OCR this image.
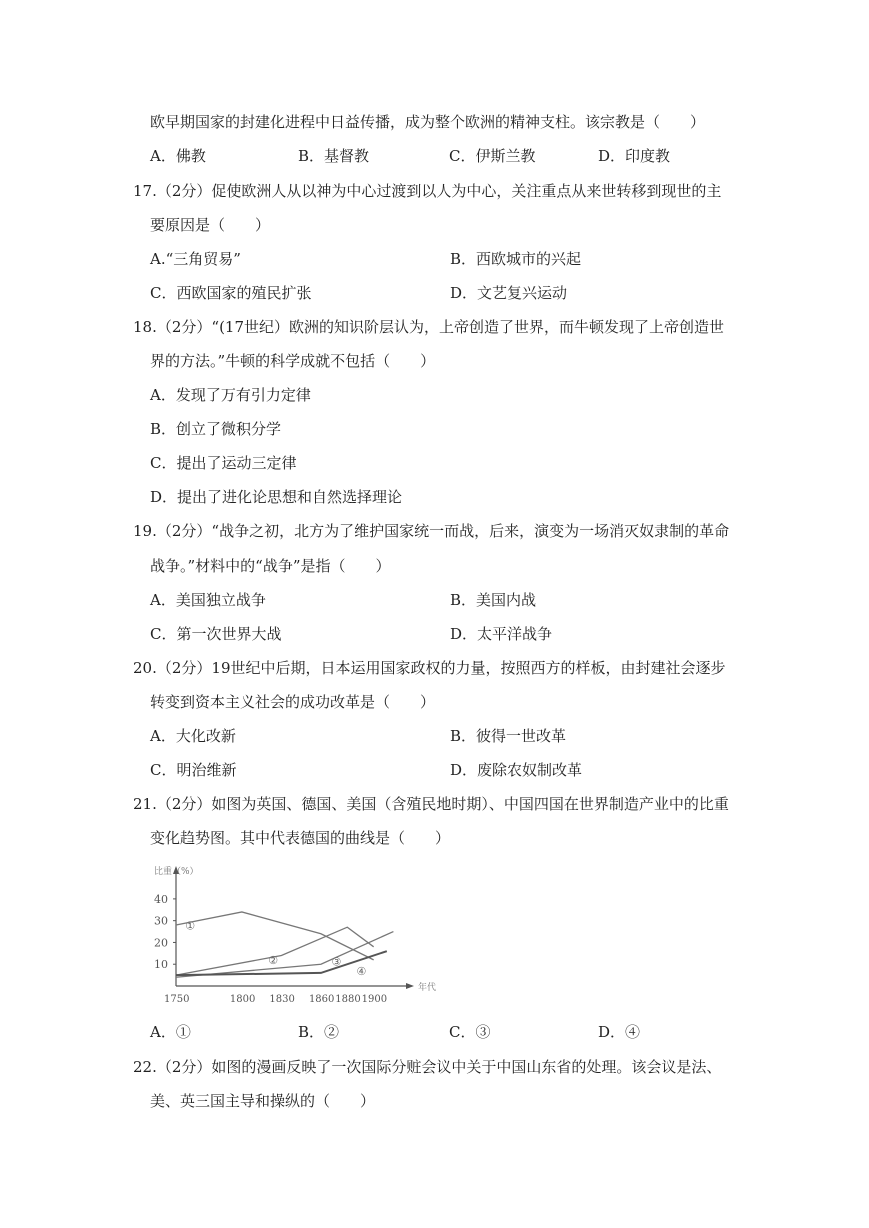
欧早期国家的封建化进程中日益传播，成为整个欧洲的精神支柱。该宗教是（　　）
A．佛教	B．基督教	C．伊斯兰教	D．印度教
17.（2分）促使欧洲人从以神为中心过渡到以人为中心，关注重点从来世转移到现世的主
要原因是（　　）
A.“三角贸易”	B．西欧城市的兴起
C．西欧国家的殖民扩张	D．文艺复兴运动
18.（2分）“(17世纪）欧洲的知识阶层认为，上帝创造了世界，而牛顿发现了上帝创造世
界的方法。”牛顿的科学成就不包括（　　）
A．发现了万有引力定律
B．创立了微积分学
C．提出了运动三定律
D．提出了进化论思想和自然选择理论
19.（2分）“战争之初，北方为了维护国家统一而战，后来，演变为一场消灭奴隶制的革命
战争。”材料中的“战争”是指（　　）
A．美国独立战争	B．美国内战
C．第一次世界大战	D．太平洋战争
20.（2分）19世纪中后期，日本运用国家政权的力量，按照西方的样板，由封建社会逐步
转变到资本主义社会的成功改革是（　　）
A．大化改新	B．彼得一世改革
C．明治维新	D．废除农奴制改革
21.（2分）如图为英国、德国、美国（含殖民地时期）、中国四国在世界制造产业中的比重
变化趋势图。其中代表德国的曲线是（　　）
比重（%）
年代
10
20
30
40
1750	1800 1830 1860 1880 1900
①
②	③
④
A．①	B．②	C．③	D．④
22.（2分）如图的漫画反映了一次国际分赃会议中关于中国山东省的处理。该会议是法、
美、英三国主导和操纵的（　　）
